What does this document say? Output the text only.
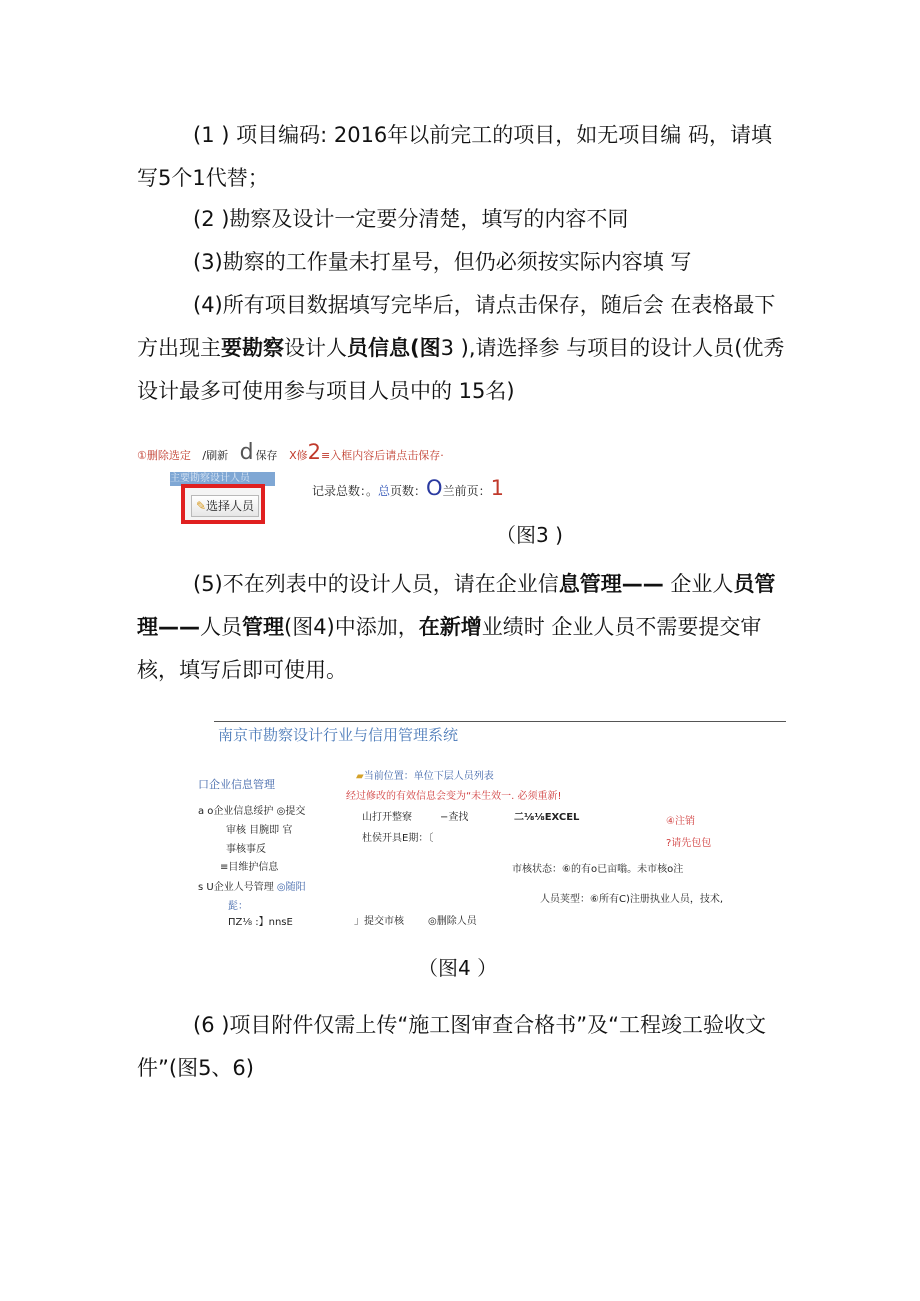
(1 ) 项目编码: 2016年以前完工的项目，如无项目编 码，请填写5个1代替；

(2 )勘察及设计一定要分清楚，填写的内容不同

(3)勘察的工作量未打星号，但仍必须按实际内容填 写

(4)所有项目数据填写完毕后，请点击保存，随后会 在表格最下方出现主要勘察设计人员信息(图3 ),请选择参 与项目的设计人员(优秀设计最多可使用参与项目人员中的 15名)

①删除选定 ∕刷新 d 保存 X修2≡入框内容后请点击保存·
主要勘察设计人员
✎选择人员
记录总数：。总页数：O兰前页：1
（图3 )

(5)不在列表中的设计人员，请在企业信息管理—— 企业人员管理——人员管理(图4)中添加，在新增业绩时 企业人员不需要提交审核，填写后即可使用。

南京市勘察设计行业与信用管理系统
口企业信息管理
a o企业信息绥护 ◎提交
审核 目腕即 官
事核事反
≡目维护信息
s U企业人号管理 ◎随阳
髭：
ΠZ⅛ :】nnsE
▰当前位置：单位下层人员列表
经过修改的有效信息会变为“未生效一. 必须重新!
山打开整寮	−查找	二⅛⅛EXCEL	④注销
杜侯开具E期：〔	?请先包包
市核状态：⑥的有o已亩嗡。未市核o注
人员荚型：⑥所有C)注册执业人员，技术,
」提交市核 ◎删除人员
（图4 ）

(6 )项目附件仅需上传“施工图审查合格书”及“工程竣工验收文件”(图5、6)
